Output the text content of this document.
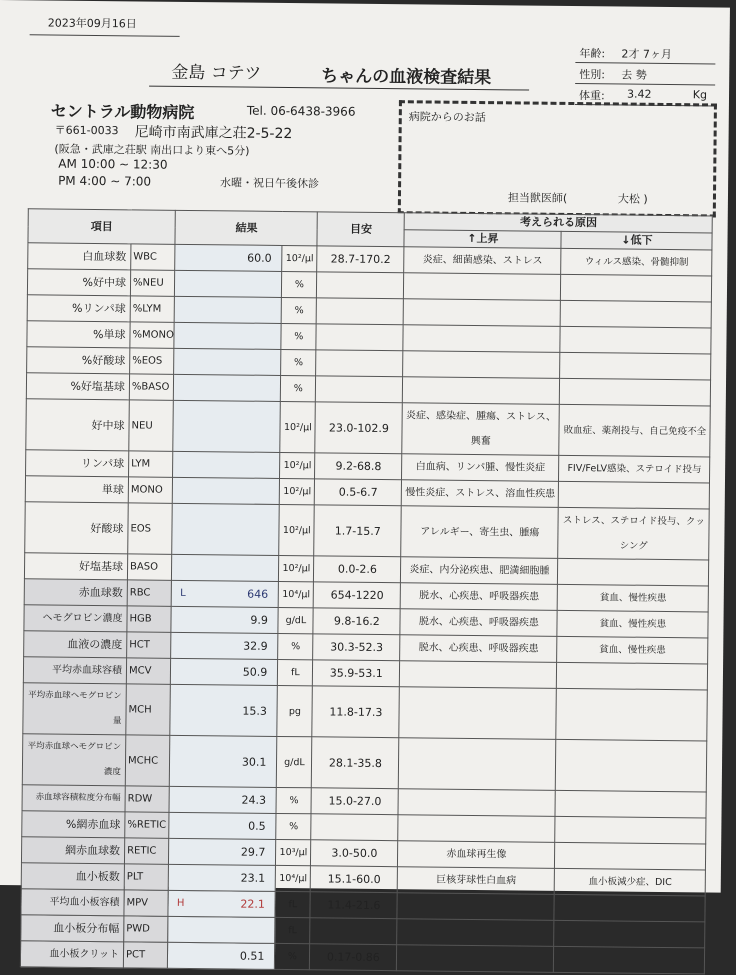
2023年09月16日
金島 コテツ	ちゃんの血液検査結果
年齢: 2才 7ヶ月
性別: 去 勢
体重: 3.42	Kg
セントラル動物病院	Tel. 06-6438-3966
〒661-0033 尼崎市南武庫之荘2-5-22
(阪急・武庫之荘駅 南出口より東へ5分)
AM 10:00 ~ 12:30
PM 4:00 ~ 7:00	水曜・祝日午後休診
病院からのお話
担当獣医師(	大松 )
項目		結果		目安	考えられる原因	
					↑上昇	↓低下
白血球数	WBC	60.0	10²/μl	28.7-170.2	炎症、細菌感染、ストレス	ウィルス感染、骨髄抑制
%好中球	%NEU		%			
%リンパ球	%LYM		%			
%単球	%MONO		%			
%好酸球	%EOS		%			
%好塩基球	%BASO		%			
好中球	NEU		10²/μl	23.0-102.9	炎症、感染症、腫瘍、ストレス、興奮	敗血症、薬剤投与、自己免疫不全
リンパ球	LYM		10²/μl	9.2-68.8	白血病、リンパ腫、慢性炎症	FIV/FeLV感染、ステロイド投与
単球	MONO		10²/μl	0.5-6.7	慢性炎症、ストレス、溶血性疾患	
好酸球	EOS		10²/μl	1.7-15.7	アレルギー、寄生虫、腫瘍	ストレス、ステロイド投与、クッシング
好塩基球	BASO		10²/μl	0.0-2.6	炎症、内分泌疾患、肥満細胞腫	
赤血球数	RBC	L 646	10⁴/μl	654-1220	脱水、心疾患、呼吸器疾患	貧血、慢性疾患
ヘモグロビン濃度	HGB	9.9	g/dL	9.8-16.2	脱水、心疾患、呼吸器疾患	貧血、慢性疾患
血液の濃度	HCT	32.9	%	30.3-52.3	脱水、心疾患、呼吸器疾患	貧血、慢性疾患
平均赤血球容積	MCV	50.9	fL	35.9-53.1		
平均赤血球ヘモグロビン量	MCH	15.3	pg	11.8-17.3		
平均赤血球ヘモグロビン濃度	MCHC	30.1	g/dL	28.1-35.8		
赤血球容積粒度分布幅	RDW	24.3	%	15.0-27.0		
%網赤血球	%RETIC	0.5	%			
網赤血球数	RETIC	29.7	10³/μl	3.0-50.0	赤血球再生像	
血小板数	PLT	23.1	10⁴/μl	15.1-60.0	巨核芽球性白血病	血小板減少症、DIC
平均血小板容積	MPV	H 22.1	fL	11.4-21.6		
血小板分布幅	PWD		fL			
血小板クリット	PCT	0.51	%	0.17-0.86		
